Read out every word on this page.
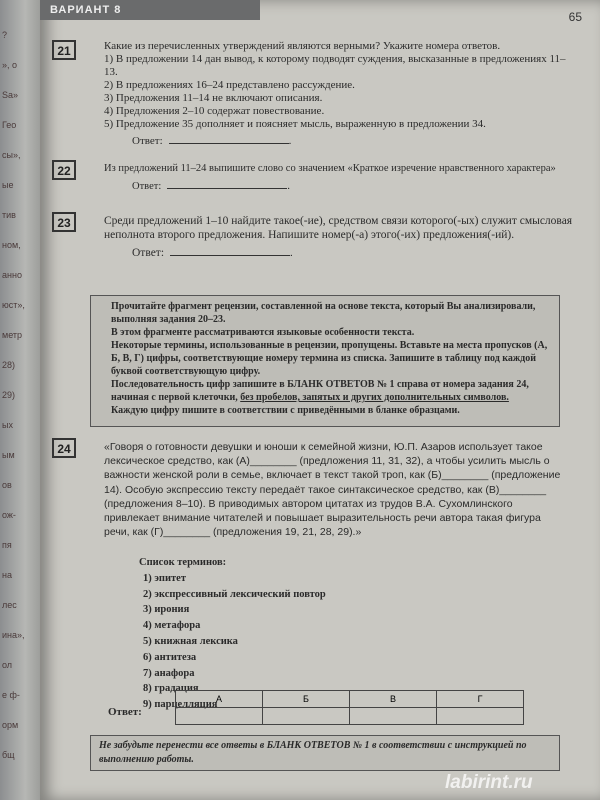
?
», о
Sa»
Гео
сы»,
ые
тив
ном,
анно
юст»,
метр
28)
29)
ых
ым
ов
ож-
пя
на
лес
ина»,
ол
е ф-
орм
бщ
ВАРИАНТ 8	65
21	Какие из перечисленных утверждений являются верными? Укажите номера ответов.

1) В предложении 14 дан вывод, к которому подводят суждения, высказанные в предложениях 11–13.

2) В предложениях 16–24 представлено рассуждение.

3) Предложения 11–14 не включают описания.

4) Предложения 2–10 содержат повествование.

5) Предложение 35 дополняет и поясняет мысль, выраженную в предложении 34.

Ответ:	.

22	Из предложений 11–24 выпишите слово со значением «Краткое изречение нравственного характера»

Ответ:	.

23	Среди предложений 1–10 найдите такое(-ие), средством связи которого(-ых) служит смысловая неполнота второго предложения. Напишите номер(-а) этого(-их) предложения(-ий).

Ответ:	.

Прочитайте фрагмент рецензии, составленной на основе текста, который Вы анализировали, выполняя задания 20–23.

В этом фрагменте рассматриваются языковые особенности текста.

Некоторые термины, использованные в рецензии, пропущены. Вставьте на места пропусков (А, Б, В, Г) цифры, соответствующие номеру термина из списка. Запишите в таблицу под каждой буквой соответствующую цифру.

Последовательность цифр запишите в БЛАНК ОТВЕТОВ № 1 справа от номера задания 24, начиная с первой клеточки, без пробелов, запятых и других дополнительных символов.

Каждую цифру пишите в соответствии с приведёнными в бланке образцами.

24	«Говоря о готовности девушки и юноши к семейной жизни, Ю.П. Азаров использует такое лексическое средство, как (А)________ (предложения 11, 31, 32), а чтобы усилить мысль о важности женской роли в семье, включает в текст такой троп, как (Б)________ (предложение 14). Особую экспрессию тексту передаёт такое синтаксическое средство, как (В)________ (предложения 8–10). В приводимых автором цитатах из трудов В.А. Сухомлинского привлекает внимание читателей и повышает выразительность речи автора такая фигура речи, как (Г)________ (предложения 19, 21, 28, 29).»
Список терминов:
1) эпитет
2) экспрессивный лексический повтор
3) ирония
4) метафора
5) книжная лексика
6) антитеза
7) анафора
8) градация
9) парцелляция
Ответ:
А	Б	В	Г

Не забудьте перенести все ответы в БЛАНК ОТВЕТОВ № 1 в соответствии с инструкцией по выполнению работы.
labirint.ru
